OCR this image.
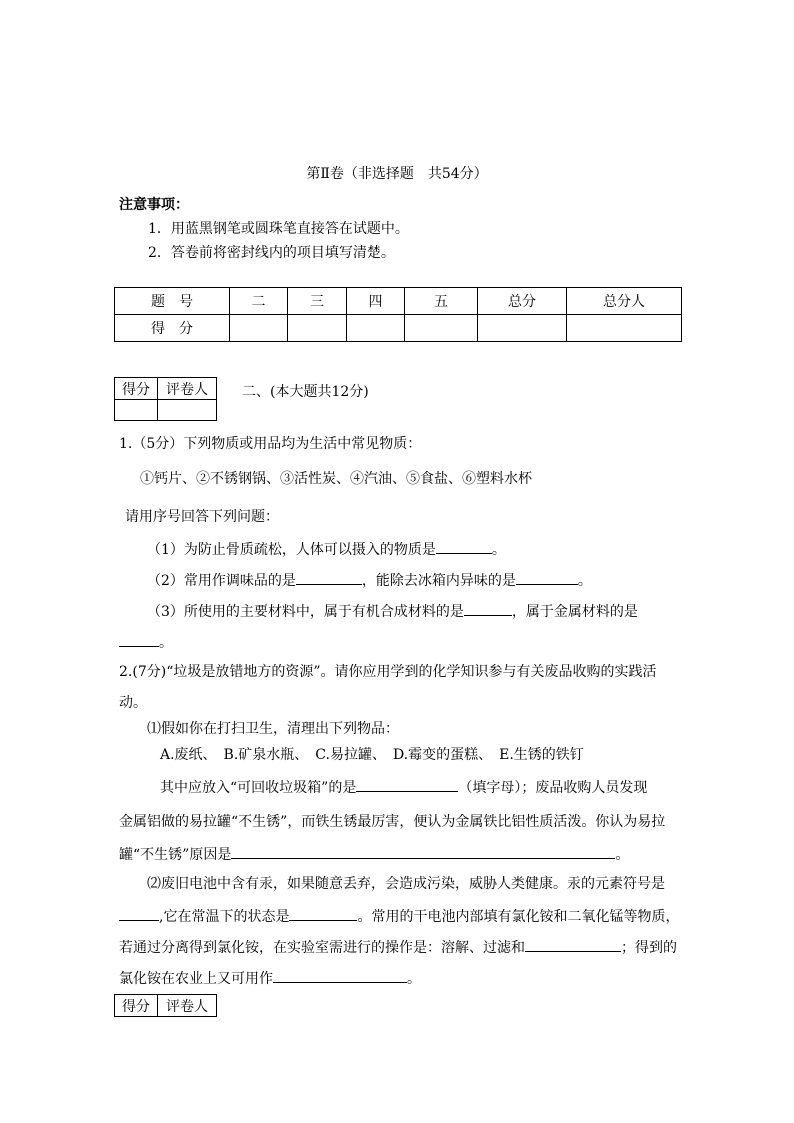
第Ⅱ卷（非选择题　共54分）
注意事项：
1．用蓝黑钢笔或圆珠笔直接答在试题中。
2．答卷前将密封线内的项目填写清楚。
题　号	二	三	四	五	总分	总分人
得　分						
得分	评卷人
	二、(本大题共12分)
1.（5分）下列物质或用品均为生活中常见物质：
①钙片、②不锈钢锅、③活性炭、④汽油、⑤食盐、⑥塑料水杯
请用序号回答下列问题：
（1）为防止骨质疏松，人体可以摄入的物质是	。
（2）常用作调味品的是	，能除去冰箱内异味的是	。
（3）所使用的主要材料中，属于有机合成材料的是	，属于金属材料的是
。
2.(7分)“垃圾是放错地方的资源”。请你应用学到的化学知识参与有关废品收购的实践活
动。
⑴假如你在打扫卫生，清理出下列物品：
A.废纸、　B.矿泉水瓶、　C.易拉罐、　D.霉变的蛋糕、　E.生锈的铁钉
其中应放入“可回收垃圾箱”的是	（填字母）；废品收购人员发现
金属铝做的易拉罐“不生锈”，而铁生锈最厉害，便认为金属铁比铝性质活泼。你认为易拉
罐“不生锈”原因是	。
⑵废旧电池中含有汞，如果随意丢弃，会造成污染，威胁人类健康。汞的元素符号是
,它在常温下的状态是	。常用的干电池内部填有氯化铵和二氧化锰等物质，
若通过分离得到氯化铵，在实验室需进行的操作是：溶解、过滤和	；得到的
氯化铵在农业上又可用作	。
得分	评卷人
